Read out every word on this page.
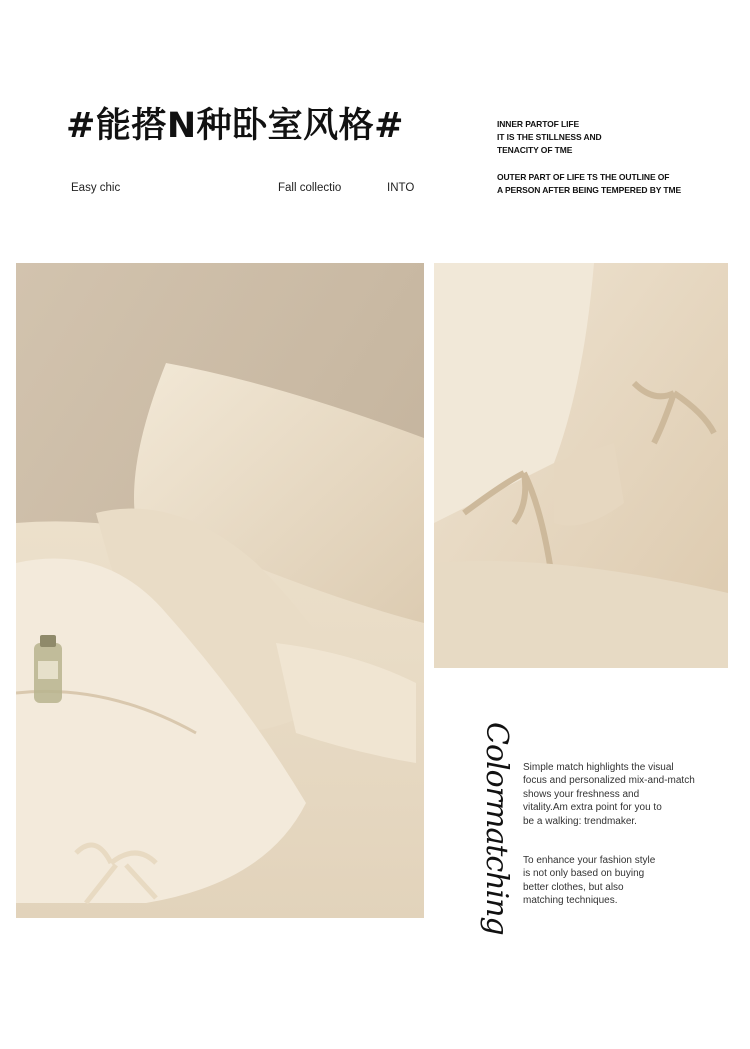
#能搭N种卧室风格#
Easy chic	Fall collectio	INTO
INNER PARTOF LIFE
IT IS THE STILLNESS AND
TENACITY OF TME
OUTER PART OF LIFE TS THE OUTLINE OF
A PERSON AFTER BEING TEMPERED BY TME
Colormatching Simple match highlights the visual
focus and personalized mix-and-match
shows your freshness and
vitality.Am extra point for you to
be a walking: trendmaker.
To enhance your fashion style
is not only based on buying
better clothes, but also
matching techniques.
